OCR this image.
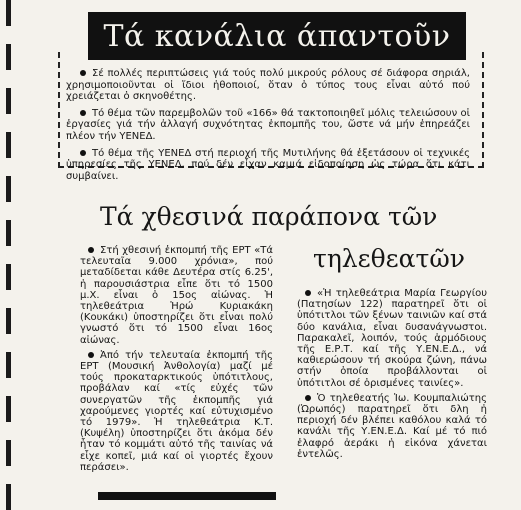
Τά κανάλια άπαντοῦν

Σέ πολλές περιπτώσεις γιά τούς πολύ μικρούς ρόλους σέ διάφορα σηριάλ, χρησιμοποιοῦνται οἱ ἴδιοι ἠθοποιοί, ὅταν ὁ τύπος τους εἶναι αὐτό πού χρειάζεται ὁ σκηνοθέτης.

Τό θέμα τῶν παρεμβολῶν τοῦ «166» θά τακτοποιηθεῖ μόλις τελειώσουν οἱ ἐργασίες γιά τήν ἀλλαγή συχνότητας ἐκπομπῆς του, ὥστε νά μήν ἐπηρεάζει πλέον τήν ΥΕΝΕΔ.

Τό θέμα τῆς ΥΕΝΕΔ στή περιοχή τῆς Μυτιλήνης θά ἐξετάσουν οἱ τεχνικές ὑπηρεσίες τῆς ΥΕΝΕΔ, πού δέν εἶχαν καμιά εἰδοποίηση ὡς τώρα ὅτι κάτι συμβαίνει.

Τά χθεσινά παράπονα τῶν
τηλεθεατῶν

Στή χθεσινή ἐκπομπή τῆς ΕΡΤ «Τά τελευταῖα 9.000 χρόνια», πού μεταδίδεται κάθε Δευτέρα στίς 6.25', ἡ παρουσιάστρια εἶπε ὅτι τό 1500 μ.Χ. εἶναι ὁ 15ος αἰώνας. Ἡ τηλεθεάτρια Ἡρώ Κυριακάκη (Κουκάκι) ὑποστηρίζει ὅτι εἶναι πολύ γνωστό ὅτι τό 1500 εἶναι 16ος αἰώνας.

Ἀπό τήν τελευταία ἐκπομπή τῆς ΕΡΤ (Μουσική Ἀνθολογία) μαζί μέ τούς προκαταρκτικούς ὑπότιτλους, προβάλαν καί «τίς εὐχές τῶν συνεργατῶν τῆς ἐκπομπῆς γιά χαρούμενες γιορτές καί εὐτυχισμένο τό 1979». Ἡ τηλεθεάτρια Κ.Τ. (Κυψέλη) ὑποστηρίζει ὅτι ἀκόμα δέν ἦταν τό κομμάτι αὐτό τῆς ταινίας νά εἶχε κοπεῖ, μιά καί οἱ γιορτές ἔχουν περάσει».

«Ἡ τηλεθεάτρια Μαρία Γεωργίου (Πατησίων 122) παρατηρεῖ ὅτι οἱ ὑπότιτλοι τῶν ξένων ταινιῶν καί στά δύο κανάλια, εἶναι δυσανάγνωστοι. Παρακαλεῖ, λοιπόν, τούς ἁρμόδιους τῆς Ε.Ρ.Τ. καί τῆς Υ.ΕΝ.Ε.Δ., νά καθιερώσουν τή σκούρα ζώνη, πάνω στήν ὁποία προβάλλονται οἱ ὑπότιτλοι σέ ὁρισμένες ταινίες».

Ὁ τηλεθεατής Ἰω. Κουμπαλιώτης (Ὠρωπός) παρατηρεῖ ὅτι δλη ἡ περιοχή δέν βλέπει καθόλου καλά τό κανάλι τῆς Υ.ΕΝ.Ε.Δ. Καί μέ τό πιό ἐλαφρό ἀεράκι ἡ εἰκόνα χάνεται ἐντελῶς.
